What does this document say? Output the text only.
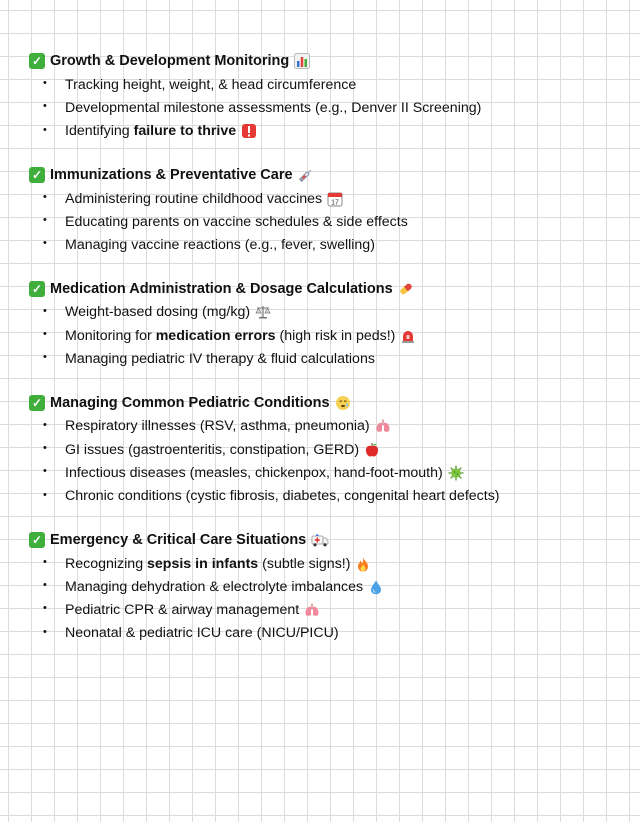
✓ Growth & Development Monitoring
• Tracking height, weight, & head circumference
• Developmental milestone assessments (e.g., Denver II Screening)
• Identifying failure to thrive
✓ Immunizations & Preventative Care
• Administering routine childhood vaccines 17
• Educating parents on vaccine schedules & side effects
• Managing vaccine reactions (e.g., fever, swelling)
✓ Medication Administration & Dosage Calculations
• Weight-based dosing (mg/kg)
• Monitoring for medication errors (high risk in peds!)
• Managing pediatric IV therapy & fluid calculations
✓ Managing Common Pediatric Conditions
• Respiratory illnesses (RSV, asthma, pneumonia)
• GI issues (gastroenteritis, constipation, GERD)
• Infectious diseases (measles, chickenpox, hand-foot-mouth)
• Chronic conditions (cystic fibrosis, diabetes, congenital heart defects)
✓ Emergency & Critical Care Situations
• Recognizing sepsis in infants (subtle signs!)
• Managing dehydration & electrolyte imbalances
• Pediatric CPR & airway management
• Neonatal & pediatric ICU care (NICU/PICU)
